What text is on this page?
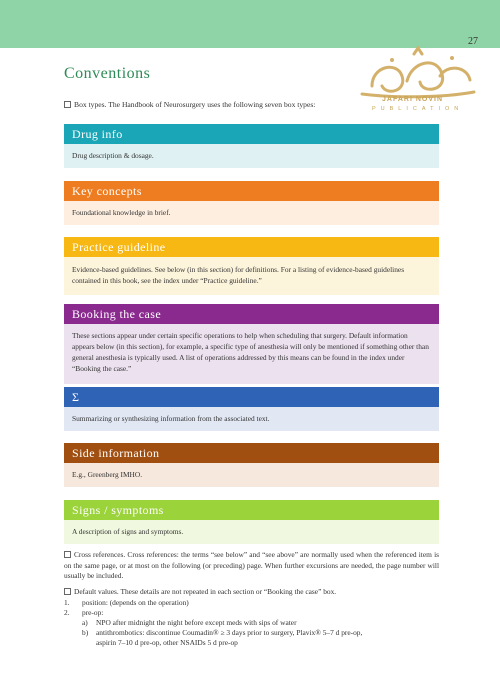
27
JAFARI NOVIN
PUBLICATION
Conventions
Box types. The Handbook of Neurosurgery uses the following seven box types:
Drug info
Drug description & dosage.
Key concepts
Foundational knowledge in brief.
Practice guideline
Evidence-based guidelines. See below (in this section) for definitions. For a listing of evidence-based guidelines contained in this book, see the index under “Practice guideline.”
Booking the case
These sections appear under certain specific operations to help when scheduling that surgery. Default information appears below (in this section), for example, a specific type of anesthesia will only be mentioned if something other than general anesthesia is typically used. A list of operations addressed by this means can be found in the index under “Booking the case.”
Σ
Summarizing or synthesizing information from the associated text.
Side information
E.g., Greenberg IMHO.
Signs / symptoms
A description of signs and symptoms.
Cross references. Cross references: the terms “see below” and “see above” are normally used when the referenced item is on the same page, or at most on the following (or preceding) page. When further excursions are needed, the page number will usually be included.
Default values. These details are not repeated in each section or “Booking the case” box.
1. position: (depends on the operation)
2. pre-op:
a) NPO after midnight the night before except meds with sips of water
b) antithrombotics: discontinue Coumadin® ≥ 3 days prior to surgery, Plavix® 5–7 d pre-op,
aspirin 7–10 d pre-op, other NSAIDs 5 d pre-op
